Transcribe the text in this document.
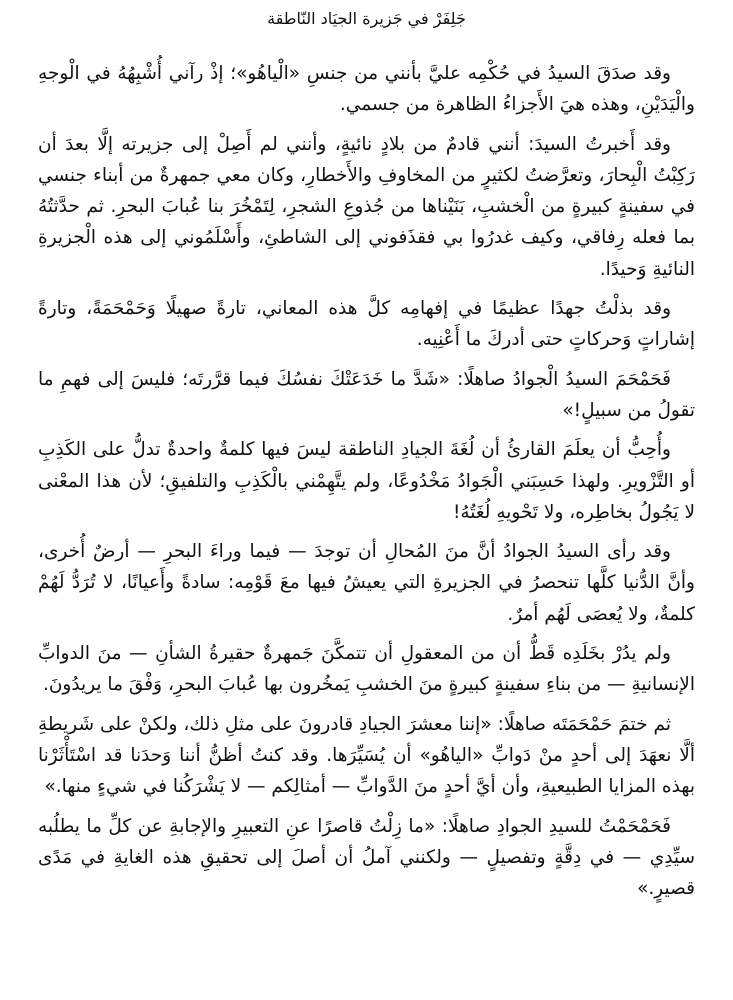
جَلِفَرْ في جَزيرة الجيَاد النّاطقة

وقد صدَقَ السيدُ في حُكْمِه عليَّ بأنني من جنسِ «الْياهُو»؛ إذْ رآني أُشْبِهُهُ في الْوجهِ والْيَدَيْنِ، وهذه هيَ الأَجزاءُ الظاهرة من جسمي.

وقد أَخبرتُ السيدَ: أنني قادمٌ من بلادٍ نائيةٍ، وأنني لم أَصِلْ إلى جزيرته إلَّا بعدَ أن رَكِبْتُ الْبِحارَ، وتعرَّضتُ لكثيرٍ من المخاوفِ والأَخطارِ، وكان معي جمهرةٌ من أبناء جنسي في سفينةٍ كبيرةٍ من الْخشبِ، بَنَيْناها من جُذوعِ الشجرِ، لِتَمْخُرَ بنا عُبابَ البحرِ. ثم حدَّثتُهُ بما فعله رِفاقي، وكيف غدرُوا بي فقذَفوني إلى الشاطئِ، وأَسْلَمُوني إلى هذه الْجزيرةِ النائيةِ وَحيدًا.

وقد بذلْتُ جهدًا عظيمًا في إفهامِه كلَّ هذه المعاني، تارةً صهيلًا وَحَمْحَمَةً، وتارةً إشاراتٍ وَحركاتٍ حتى أدركَ ما أَعْنِيه.

فَحَمْحَمَ السيدُ الْجوادُ صاهلًا: «شَدَّ ما خَدَعَتْكَ نفسُكَ فيما قرَّرتَه؛ فليسَ إلى فهمِ ما تقولُ من سبيلٍ!»

وأُحِبُّ أن يعلَمَ القارئُ أن لُغَةَ الجيادِ الناطقة ليسَ فيها كلمةٌ واحدةٌ تدلُّ على الكَذِبِ أو التَّزْويرِ. ولهذا حَسِبَني الْجَوادُ مَخْدُوعًا، ولم يتَّهِمْني بالْكَذِبِ والتلفيقِ؛ لأن هذا المعْنى لا يَجُولُ بخاطِره، ولا تَحْويهِ لُغَتُهُ!

وقد رأى السيدُ الجوادُ أنَّ منَ المُحالِ أن توجدَ — فيما وراءَ البحرِ — أرضٌ أُخرى، وأنَّ الدُّنيا كلَّها تنحصرُ في الجزيرةِ التي يعيشُ فيها معَ قَوْمِه: سادةً وأَعيانًا، لا تُرَدُّ لَهُمْ كلمةٌ، ولا يُعصَى لَهُم أمرٌ.

ولم يدُرْ بخَلَدِه قَطُّ أن من المعقولِ أن تتمكَّنَ جَمهرةٌ حقيرةُ الشأنِ — منَ الدوابِّ الإنسانيةِ — من بناءِ سفينةٍ كبيرةٍ منَ الخشبِ يَمخُرون بها عُبابَ البحرِ، وَفْقَ ما يريدُونَ.

ثم ختمَ حَمْحَمَتَه صاهلًا: «إننا معشرَ الجيادِ قادرونَ على مثلِ ذلك، ولكنْ على شَريطةِ ألَّا نعهَدَ إلى أحدٍ منْ دَوابِّ «الياهُو» أن يُسَيِّرَها. وقد كنتُ أظنُّ أننا وَحدَنا قد اسْتَأْثَرْنا بهذه المزايا الطبيعيةِ، وأن أيَّ أحدٍ منَ الدَّوابِّ — أمثالِكم — لا يَشْرَكُنا في شيءٍ منها.»

فَحَمْحَمْتُ للسيدِ الجوادِ صاهلًا: «ما زِلْتُ قاصرًا عنِ التعبيرِ والإجابةِ عن كلِّ ما يطلُبه سيِّدِي — في دِقَّةٍ وتفصيلٍ — ولكنني آملُ أن أصلَ إلى تحقيقِ هذه الغايةِ في مَدًى قصيرٍ.»
